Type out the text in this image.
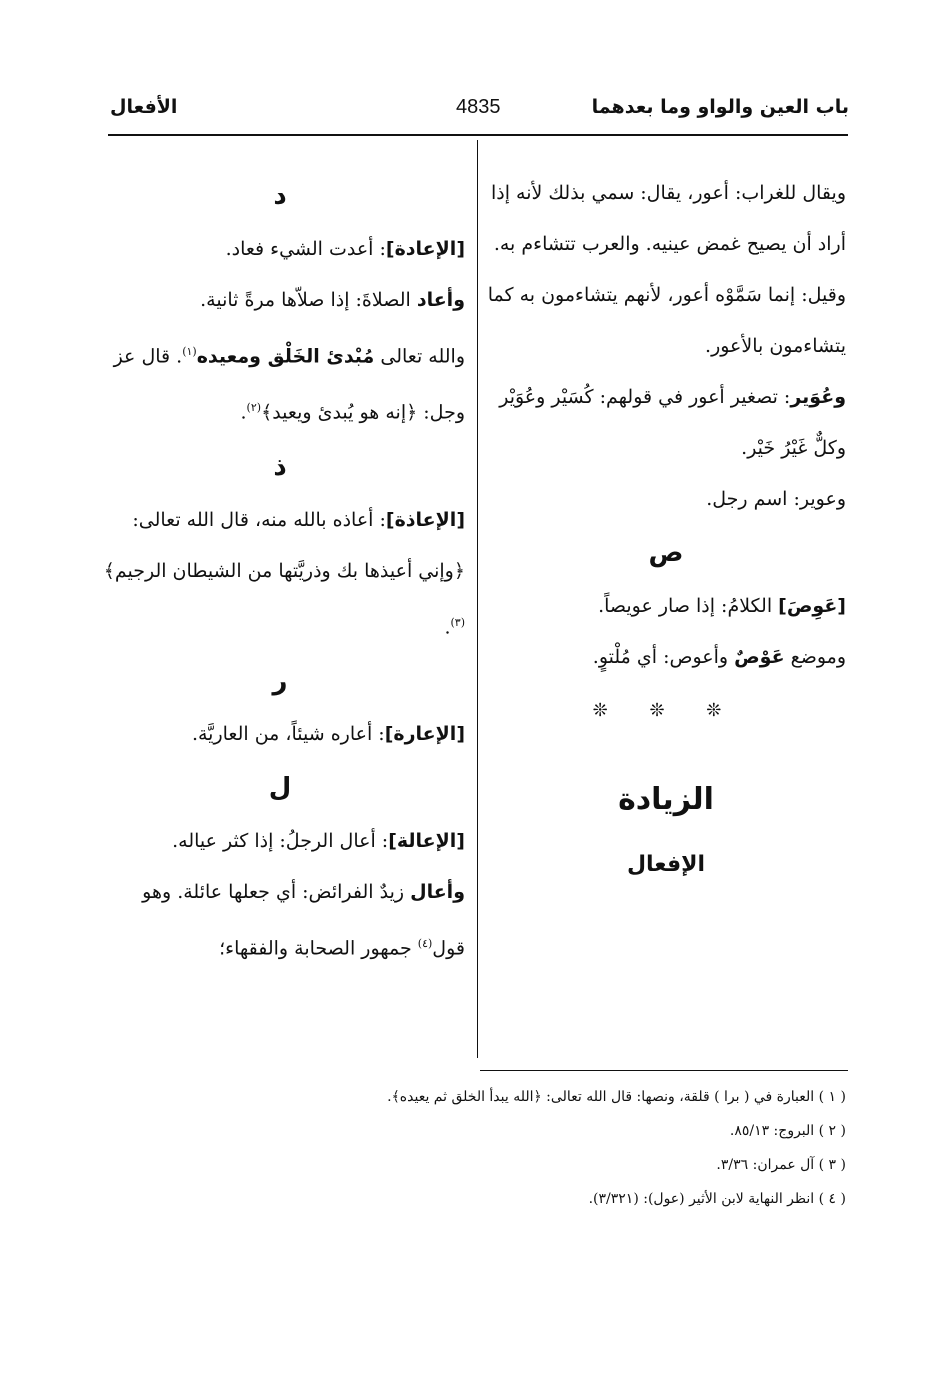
باب العين والواو وما بعدهما
4835
الأفعال

ويقال للغراب: أعور، يقال: سمي بذلك لأنه إذا أراد أن يصيح غمض عينيه. والعرب تتشاءم به. وقيل: إنما سَمَّوْه أعور، لأنهم يتشاءمون به كما يتشاءمون بالأعور.

وعُوَير: تصغير أعور في قولهم: كُسَيْر وعُوَيْر وكلٌّ غَيْرُ خَيْر.

وعوير: اسم رجل.

ص

[عَوِصَ] الكلامُ: إذا صار عويصاً.

وموضع عَوْصٌ وأعوص: أي مُلْتوٍ.

❊ ❊ ❊

الزيادة

الإفعال

د

[الإعادة]: أعدت الشيء فعاد.

وأعاد الصلاةَ: إذا صلاّها مرةً ثانية.

والله تعالى مُبْدئ الخَلْق ومعيده$^{(١)}$. قال عز وجل: ﴿إنه هو يُبدئ ويعيد﴾$^{(٢)}$.

ذ

[الإعاذة]: أعاذه بالله منه، قال الله تعالى: ﴿وإني أعيذها بك وذريَّتها من الشيطان الرجيم﴾$^{(٣)}$.

ر

[الإعارة]: أعاره شيئاً، من العاريَّة.

ل

[الإعالة]: أعال الرجلُ: إذا كثر عياله.

وأعال زيدٌ الفرائض: أي جعلها عائلة. وهو قول$^{(٤)}$ جمهور الصحابة والفقهاء؛

( ١ ) العبارة في ( برا ) قلقة، ونصها: قال الله تعالى: ﴿الله يبدأ الخلق ثم يعيده﴾.

( ٢ ) البروج: ٨٥/١٣.

( ٣ ) آل عمران: ٣/٣٦.

( ٤ ) انظر النهاية لابن الأثير (عول): (٣/٣٢١).
